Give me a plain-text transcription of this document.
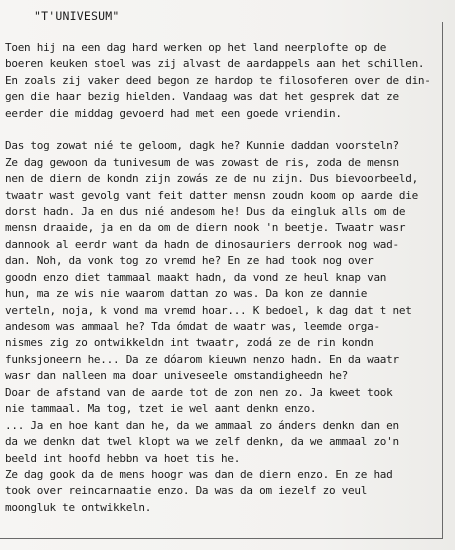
"T'UNIVESUM"
Toen hij na een dag hard werken op het land neerplofte op de
boeren keuken stoel was zij alvast de aardappels aan het schillen.
En zoals zij vaker deed begon ze hardop te filosoferen over de din-
gen die haar bezig hielden. Vandaag was dat het gesprek dat ze
eerder die middag gevoerd had met een goede vriendin.
Das tog zowat nié te geloom, dagk he? Kunnie daddan voorsteln?
Ze dag gewoon da tunivesum de was zowast de ris, zoda de mensn
nen de diern de kondn zijn zowás ze de nu zijn. Dus bievoorbeeld,
twaatr wast gevolg vant feit datter mensn zoudn koom op aarde die
dorst hadn. Ja en dus nié andesom he! Dus da eingluk alls om de
mensn draaide, ja en da om de diern nook 'n beetje. Twaatr wasr
dannook al eerdr want da hadn de dinosauriers derrook nog wad-
dan. Noh, da vonk tog zo vremd he? En ze had took nog over
goodn enzo diet tammaal maakt hadn, da vond ze heul knap van
hun, ma ze wis nie waarom dattan zo was. Da kon ze dannie
verteln, noja, k vond ma vremd hoar... K bedoel, k dag dat t net
andesom was ammaal he? Tda ómdat de waatr was, leemde orga-
nismes zig zo ontwikkeldn int twaatr, zodá ze de rin kondn
funksjoneern he... Da ze dóarom kieuwn nenzo hadn. En da waatr
wasr dan nalleen ma doar univeseele omstandigheedn he?
Doar de afstand van de aarde tot de zon nen zo. Ja kweet took
nie tammaal. Ma tog, tzet ie wel aant denkn enzo.
... Ja en hoe kant dan he, da we ammaal zo ánders denkn dan en
da we denkn dat twel klopt wa we zelf denkn, da we ammaal zo'n
beeld int hoofd hebbn va hoet tis he.
Ze dag gook da de mens hoogr was dan de diern enzo. En ze had
took over reincarnaatie enzo. Da was da om iezelf zo veul
moongluk te ontwikkeln.
